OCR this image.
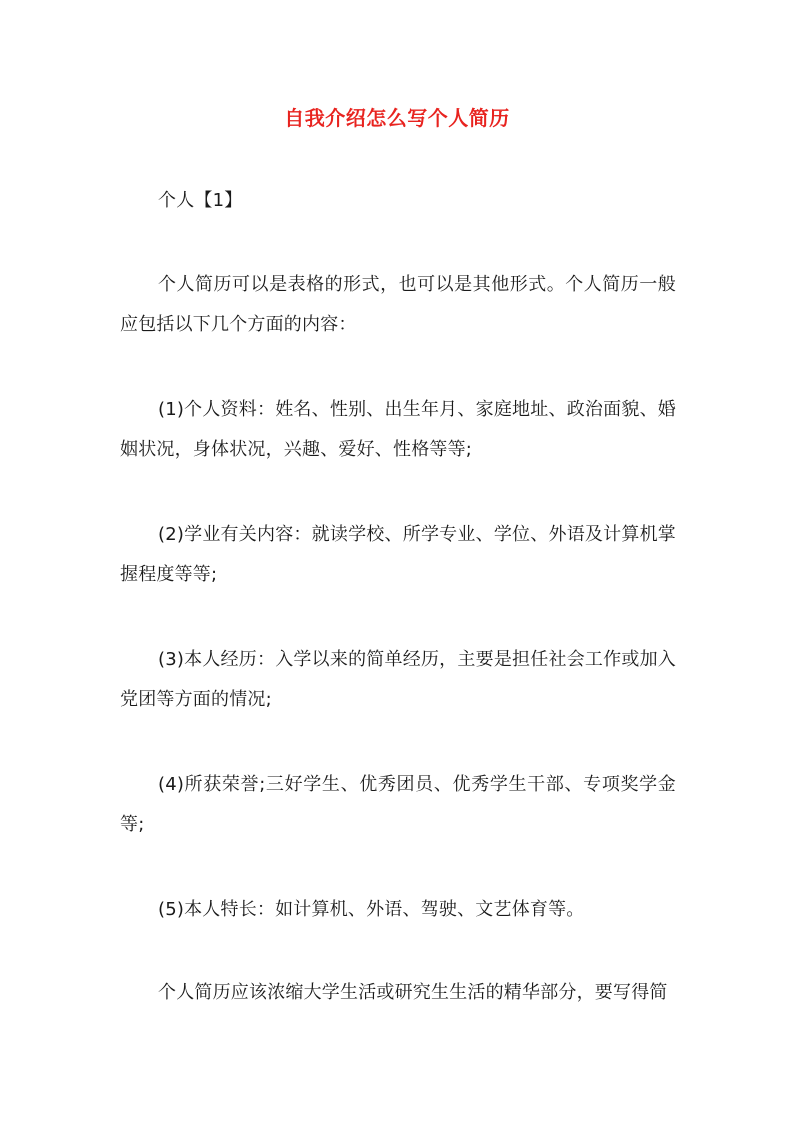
自我介绍怎么写个人简历

个人【1】

个人简历可以是表格的形式，也可以是其他形式。个人简历一般应包括以下几个方面的内容：

(1)个人资料：姓名、性别、出生年月、家庭地址、政治面貌、婚姻状况，身体状况，兴趣、爱好、性格等等;

(2)学业有关内容：就读学校、所学专业、学位、外语及计算机掌握程度等等;

(3)本人经历：入学以来的简单经历，主要是担任社会工作或加入党团等方面的情况;

(4)所获荣誉;三好学生、优秀团员、优秀学生干部、专项奖学金等;

(5)本人特长：如计算机、外语、驾驶、文艺体育等。

个人简历应该浓缩大学生活或研究生生活的精华部分，要写得简
